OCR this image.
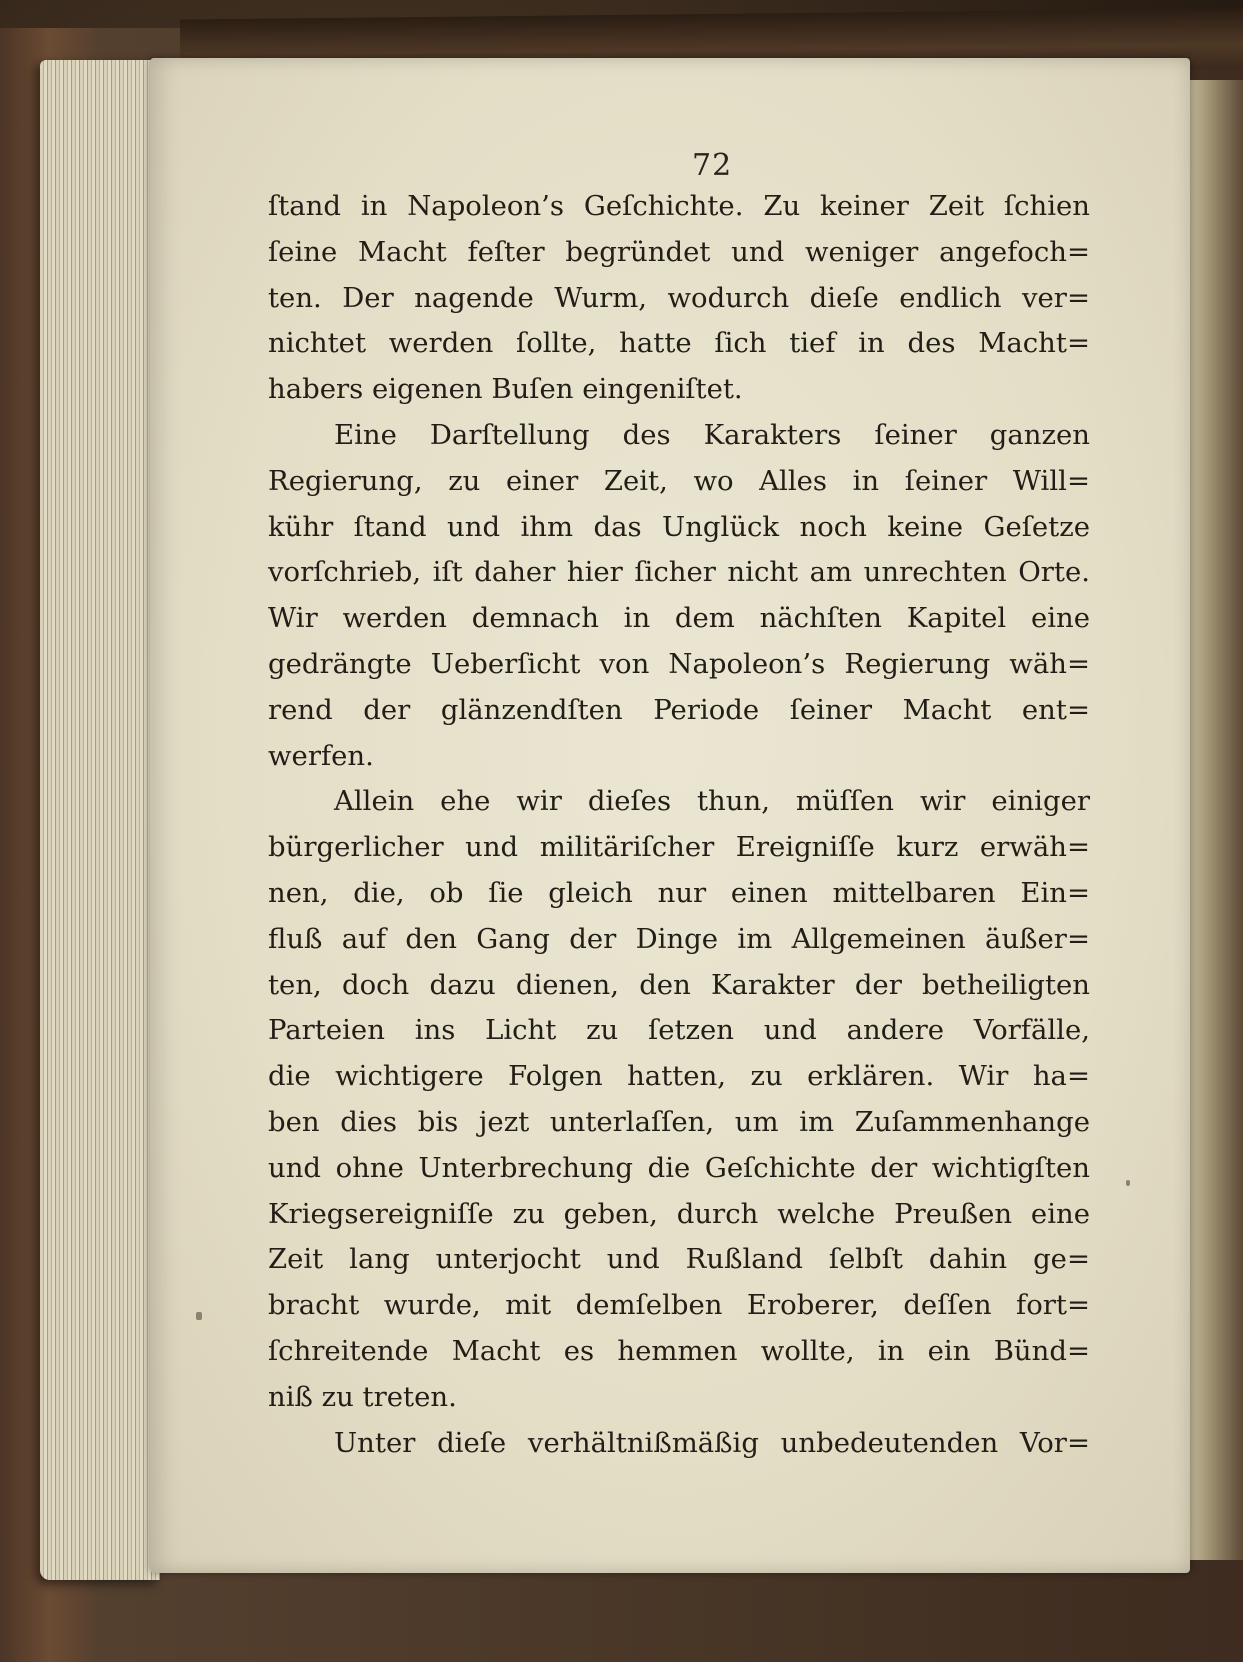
72
ſtand in Napoleon’s Geſchichte. Zu keiner Zeit ſchien
ſeine Macht feſter begründet und weniger angefoch=
ten. Der nagende Wurm, wodurch dieſe endlich ver=
nichtet werden ſollte, hatte ſich tief in des Macht=
habers eigenen Buſen eingeniſtet.
Eine Darſtellung des Karakters ſeiner ganzen
Regierung, zu einer Zeit, wo Alles in ſeiner Will=
kühr ſtand und ihm das Unglück noch keine Geſetze
vorſchrieb, iſt daher hier ſicher nicht am unrechten Orte.
Wir werden demnach in dem nächſten Kapitel eine
gedrängte Ueberſicht von Napoleon’s Regierung wäh=
rend der glänzendſten Periode ſeiner Macht ent=
werfen.
Allein ehe wir dieſes thun, müſſen wir einiger
bürgerlicher und militäriſcher Ereigniſſe kurz erwäh=
nen, die, ob ſie gleich nur einen mittelbaren Ein=
fluß auf den Gang der Dinge im Allgemeinen äußer=
ten, doch dazu dienen, den Karakter der betheiligten
Parteien ins Licht zu ſetzen und andere Vorfälle,
die wichtigere Folgen hatten, zu erklären. Wir ha=
ben dies bis jezt unterlaſſen, um im Zuſammenhange
und ohne Unterbrechung die Geſchichte der wichtigſten
Kriegsereigniſſe zu geben, durch welche Preußen eine
Zeit lang unterjocht und Rußland ſelbſt dahin ge=
bracht wurde, mit demſelben Eroberer, deſſen fort=
ſchreitende Macht es hemmen wollte, in ein Bünd=
niß zu treten.
Unter dieſe verhältnißmäßig unbedeutenden Vor=
